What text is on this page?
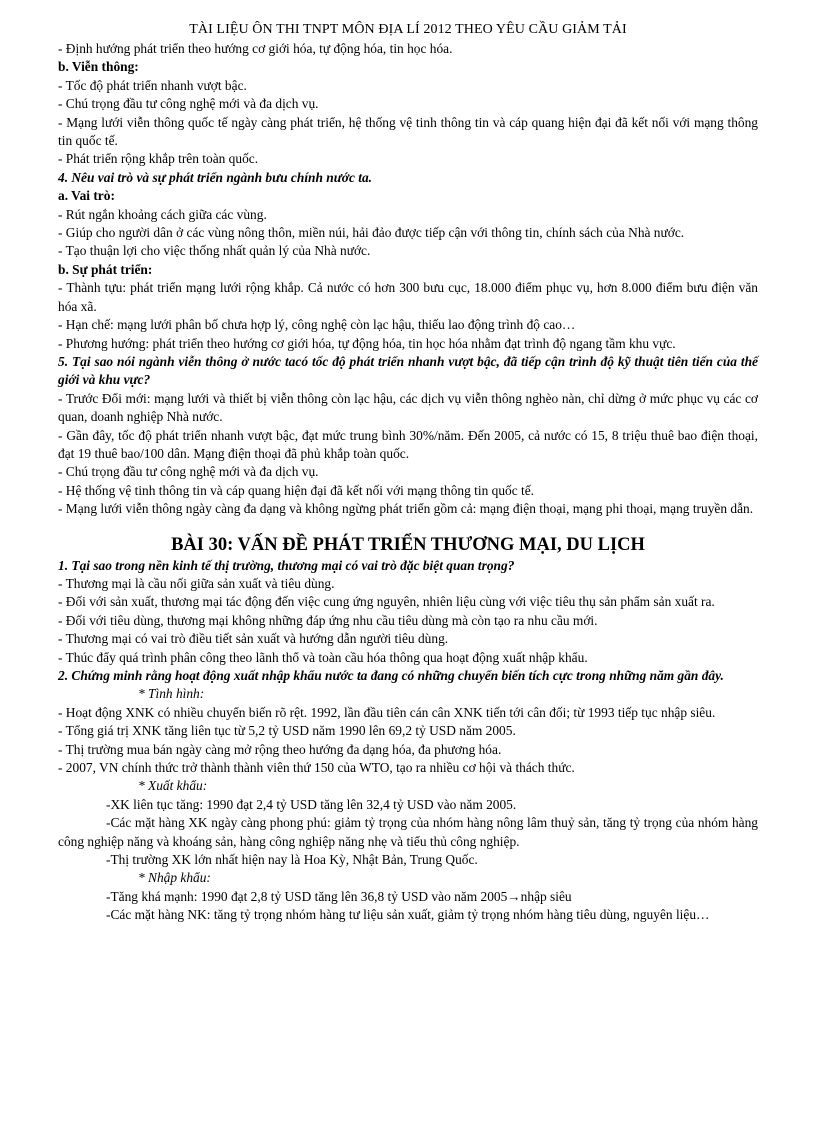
TÀI LIỆU ÔN THI TNPT MÔN ĐỊA LÍ 2012 THEO YÊU CẦU GIẢM TẢI

- Định hướng phát triển theo hướng cơ giới hóa, tự động hóa, tin học hóa.

b. Viễn thông:

- Tốc độ phát triển nhanh vượt bậc.

- Chú trọng đầu tư công nghệ mới và đa dịch vụ.

- Mạng lưới viễn thông quốc tế ngày càng phát triển, hệ thống vệ tinh thông tin và cáp quang hiện đại đã kết nối với mạng thông tin quốc tế.

- Phát triển rộng khắp trên toàn quốc.

4. Nêu vai trò và sự phát triển ngành bưu chính nước ta.

a. Vai trò:

- Rút ngắn khoảng cách giữa các vùng.

- Giúp cho người dân ở các vùng nông thôn, miền núi, hải đảo được tiếp cận với thông tin, chính sách của Nhà nước.

- Tạo thuận lợi cho việc thống nhất quản lý của Nhà nước.

b. Sự phát triển:

- Thành tựu: phát triển mạng lưới rộng khắp. Cả nước có hơn 300 bưu cục, 18.000 điểm phục vụ, hơn 8.000 điểm bưu điện văn hóa xã.

- Hạn chế: mạng lưới phân bố chưa hợp lý, công nghệ còn lạc hậu, thiếu lao động trình độ cao…

- Phương hướng: phát triển theo hướng cơ giới hóa, tự động hóa, tin học hóa nhằm đạt trình độ ngang tầm khu vực.

5. Tại sao nói ngành viễn thông ở nước taсó tốc độ phát triển nhanh vượt bậc, đã tiếp cận trình độ kỹ thuật tiên tiến của thế giới và khu vực?

- Trước Đổi mới: mạng lưới và thiết bị viễn thông còn lạc hậu, các dịch vụ viễn thông nghèo nàn, chỉ dừng ở mức phục vụ các cơ quan, doanh nghiệp Nhà nước.

- Gần đây, tốc độ phát triển nhanh vượt bậc, đạt mức trung bình 30%/năm. Đến 2005, cả nước có 15, 8 triệu thuê bao điện thoại, đạt 19 thuê bao/100 dân. Mạng điện thoại đã phủ khắp toàn quốc.

- Chú trọng đầu tư công nghệ mới và đa dịch vụ.

- Hệ thống vệ tinh thông tin và cáp quang hiện đại đã kết nối với mạng thông tin quốc tế.

- Mạng lưới viễn thông ngày càng đa dạng và không ngừng phát triển gồm cả: mạng điện thoại, mạng phi thoại, mạng truyền dẫn.

BÀI 30: VẤN ĐỀ PHÁT TRIỂN THƯƠNG MẠI, DU LỊCH

1. Tại sao trong nền kinh tế thị trường, thương mại có vai trò đặc biệt quan trọng?

- Thương mại là cầu nối giữa sản xuất và tiêu dùng.

- Đối với sản xuất, thương mại tác động đến việc cung ứng nguyên, nhiên liệu cùng với việc tiêu thụ sản phẩm sản xuất ra.

- Đối với tiêu dùng, thương mại không những đáp ứng nhu cầu tiêu dùng mà còn tạo ra nhu cầu mới.

- Thương mại có vai trò điều tiết sản xuất và hướng dẫn người tiêu dùng.

- Thúc đẩy quá trình phân công theo lãnh thổ và toàn cầu hóa thông qua hoạt động xuất nhập khẩu.

2. Chứng minh rằng hoạt động xuất nhập khẩu nước ta đang có những chuyển biến tích cực trong những năm gần đây.

* Tình hình:

- Hoạt động XNK có nhiều chuyển biến rõ rệt. 1992, lần đầu tiên cán cân XNK tiến tới cân đối; từ 1993 tiếp tục nhập siêu.

- Tổng giá trị XNK tăng liên tục từ 5,2 tỷ USD năm 1990 lên 69,2 tỷ USD năm 2005.

- Thị trường mua bán ngày càng mở rộng theo hướng đa dạng hóa, đa phương hóa.

- 2007, VN chính thức trở thành thành viên thứ 150 của WTO, tạo ra nhiều cơ hội và thách thức.

* Xuất khẩu:

-XK liên tục tăng: 1990 đạt 2,4 tỷ USD tăng lên 32,4 tỷ USD vào năm 2005.

-Các mặt hàng XK ngày càng phong phú: giảm tỷ trọng của nhóm hàng nông lâm thuỷ sản, tăng tỷ trọng của nhóm hàng công nghiệp năng và khoáng sản, hàng công nghiệp năng nhẹ và tiểu thủ công nghiệp.

-Thị trường XK lớn nhất hiện nay là Hoa Kỳ, Nhật Bản, Trung Quốc.

* Nhập khẩu:

-Tăng khá mạnh: 1990 đạt 2,8 tỷ USD tăng lên 36,8 tỷ USD vào năm 2005→nhập siêu

-Các mặt hàng NK: tăng tỷ trọng nhóm hàng tư liệu sản xuất, giảm tỷ trọng nhóm hàng tiêu dùng, nguyên liệu…
